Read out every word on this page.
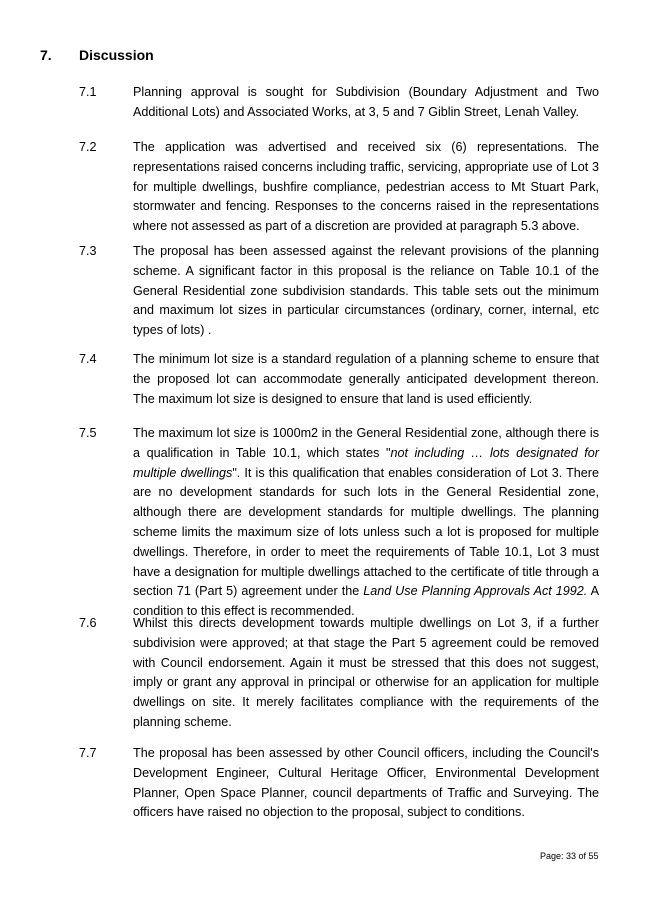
7. Discussion
7.1	Planning approval is sought for Subdivision (Boundary Adjustment and Two Additional Lots) and Associated Works, at 3, 5 and 7 Giblin Street, Lenah Valley.
7.2	The application was advertised and received six (6) representations. The representations raised concerns including traffic, servicing, appropriate use of Lot 3 for multiple dwellings, bushfire compliance, pedestrian access to Mt Stuart Park, stormwater and fencing. Responses to the concerns raised in the representations where not assessed as part of a discretion are provided at paragraph 5.3 above.
7.3	The proposal has been assessed against the relevant provisions of the planning scheme. A significant factor in this proposal is the reliance on Table 10.1 of the General Residential zone subdivision standards. This table sets out the minimum and maximum lot sizes in particular circumstances (ordinary, corner, internal, etc types of lots) .
7.4	The minimum lot size is a standard regulation of a planning scheme to ensure that the proposed lot can accommodate generally anticipated development thereon. The maximum lot size is designed to ensure that land is used efficiently.
7.5	The maximum lot size is 1000m2 in the General Residential zone, although there is a qualification in Table 10.1, which states "not including … lots designated for multiple dwellings". It is this qualification that enables consideration of Lot 3. There are no development standards for such lots in the General Residential zone, although there are development standards for multiple dwellings. The planning scheme limits the maximum size of lots unless such a lot is proposed for multiple dwellings. Therefore, in order to meet the requirements of Table 10.1, Lot 3 must have a designation for multiple dwellings attached to the certificate of title through a section 71 (Part 5) agreement under the Land Use Planning Approvals Act 1992. A condition to this effect is recommended.
7.6	Whilst this directs development towards multiple dwellings on Lot 3, if a further subdivision were approved; at that stage the Part 5 agreement could be removed with Council endorsement. Again it must be stressed that this does not suggest, imply or grant any approval in principal or otherwise for an application for multiple dwellings on site. It merely facilitates compliance with the requirements of the planning scheme.
7.7	The proposal has been assessed by other Council officers, including the Council's Development Engineer, Cultural Heritage Officer, Environmental Development Planner, Open Space Planner, council departments of Traffic and Surveying. The officers have raised no objection to the proposal, subject to conditions.
Page: 33 of 55
